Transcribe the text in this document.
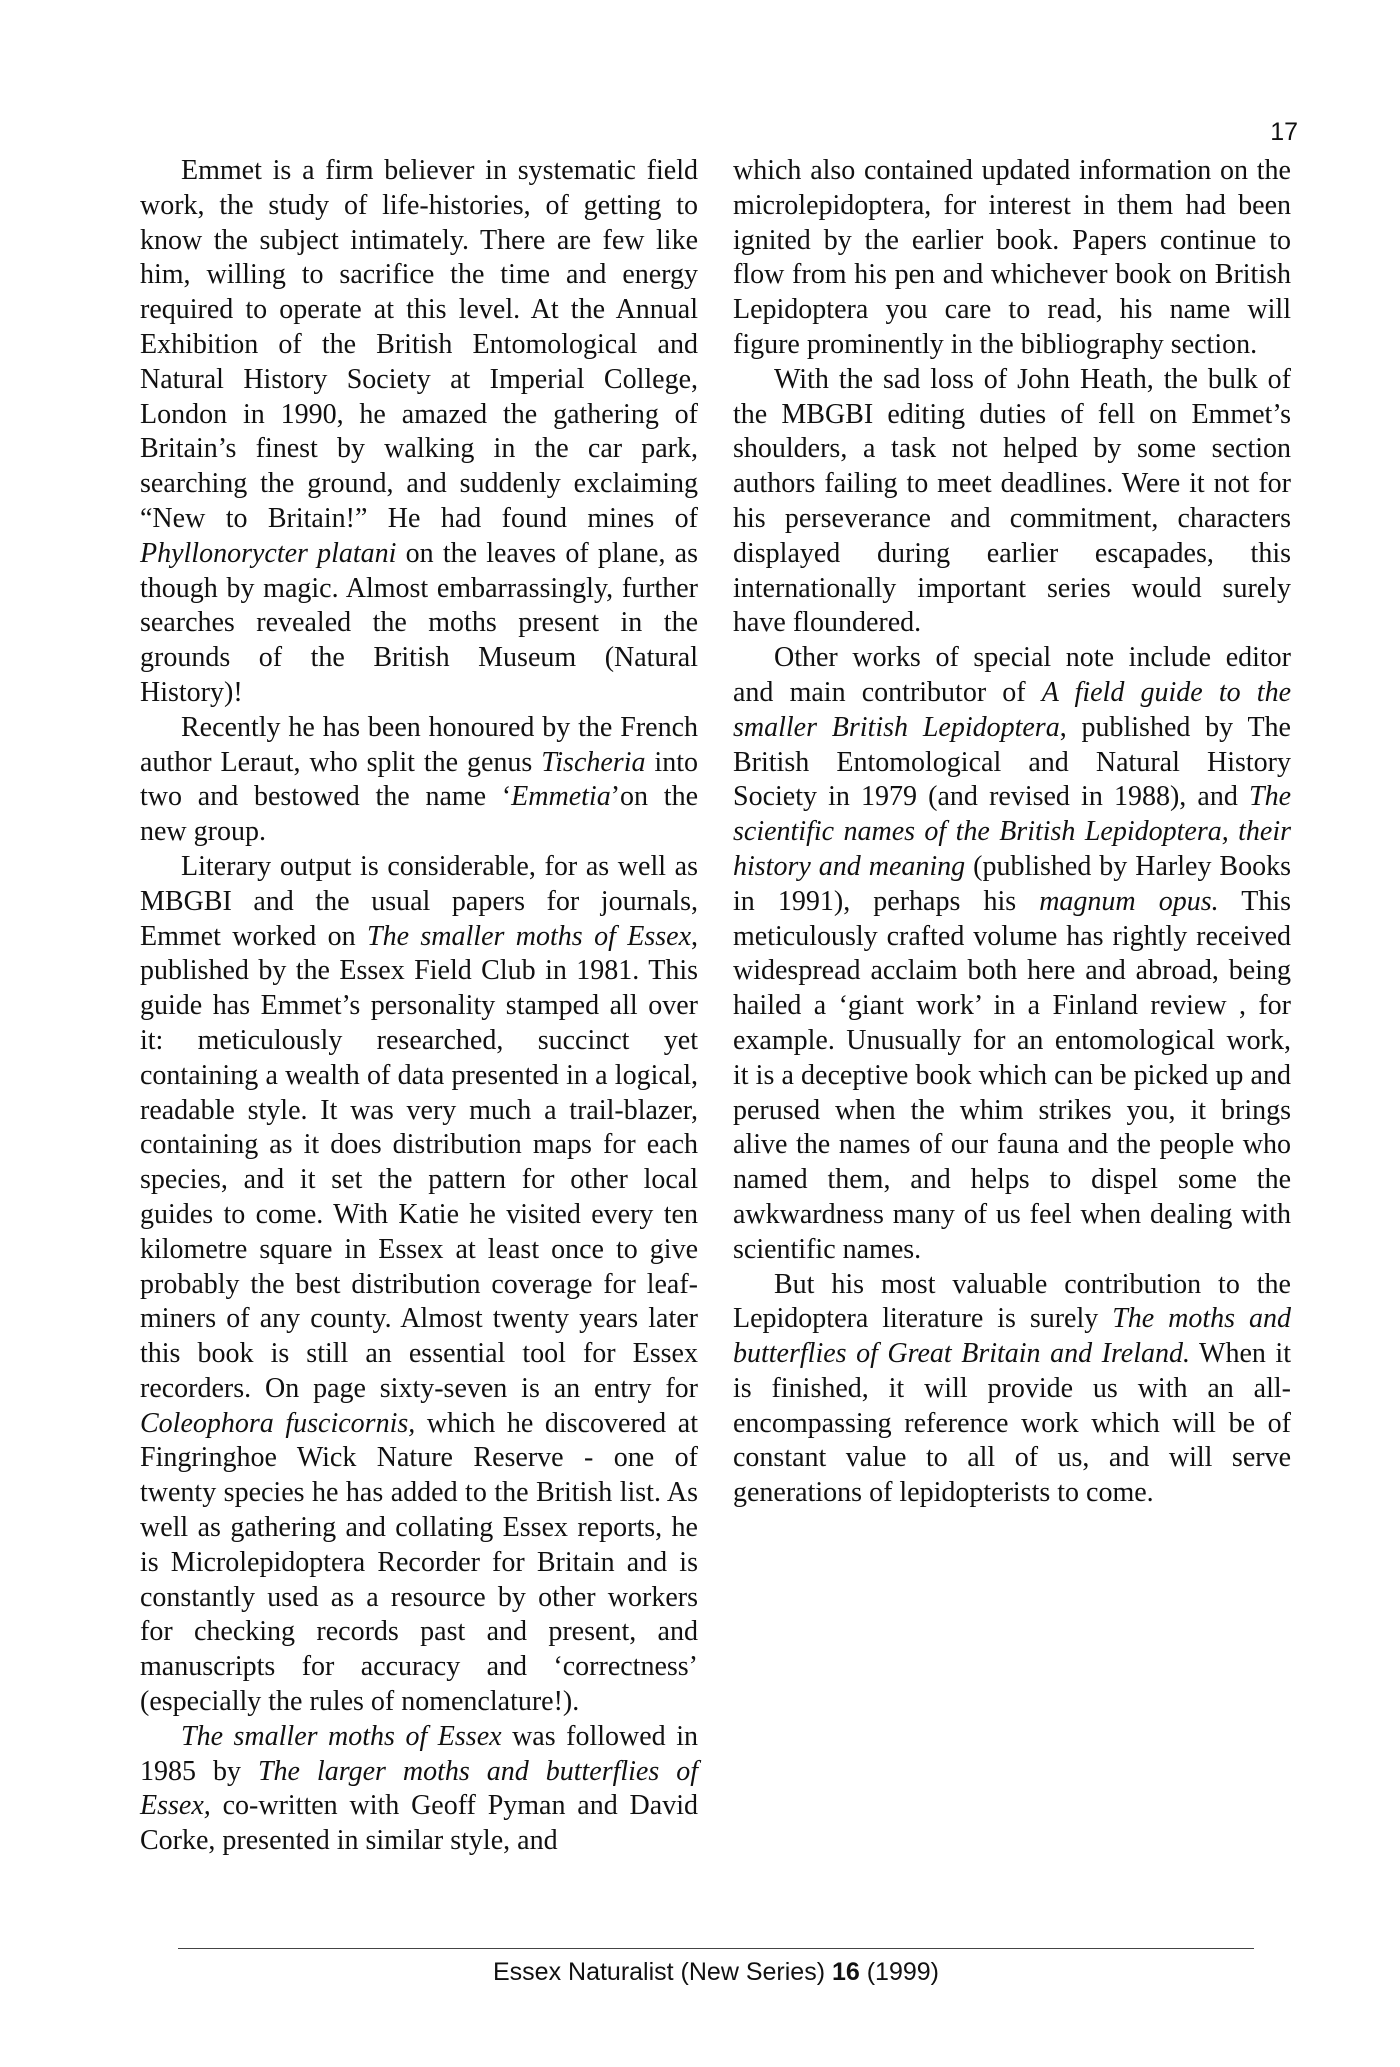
17

Emmet is a firm believer in systematic field work, the study of life-histories, of getting to know the subject intimately. There are few like him, willing to sacrifice the time and energy required to operate at this level. At the Annual Exhibition of the British Entomological and Natural History Society at Imperial College, London in 1990, he amazed the gathering of Britain’s finest by walking in the car park, searching the ground, and suddenly exclaiming “New to Britain!” He had found mines of Phyllonorycter platani on the leaves of plane, as though by magic. Almost embarrassingly, further searches revealed the moths present in the grounds of the British Museum (Natural History)!

Recently he has been honoured by the French author Leraut, who split the genus Tischeria into two and bestowed the name ‘Emmetia’on the new group.

Literary output is considerable, for as well as MBGBI and the usual papers for journals, Emmet worked on The smaller moths of Essex, published by the Essex Field Club in 1981. This guide has Emmet’s personality stamped all over it: meticulously researched, succinct yet containing a wealth of data presented in a logical, readable style. It was very much a trail-blazer, containing as it does distribution maps for each species, and it set the pattern for other local guides to come. With Katie he visited every ten kilometre square in Essex at least once to give probably the best distribution coverage for leaf-miners of any county. Almost twenty years later this book is still an essential tool for Essex recorders. On page sixty-seven is an entry for Coleophora fuscicornis, which he discovered at Fingringhoe Wick Nature Reserve - one of twenty species he has added to the British list. As well as gathering and collating Essex reports, he is Microlepidoptera Recorder for Britain and is constantly used as a resource by other workers for checking records past and present, and manuscripts for accuracy and ‘correctness’ (especially the rules of nomenclature!).

The smaller moths of Essex was followed in 1985 by The larger moths and butterflies of Essex, co-written with Geoff Pyman and David Corke, presented in similar style, and

which also contained updated information on the microlepidoptera, for interest in them had been ignited by the earlier book. Papers continue to flow from his pen and whichever book on British Lepidoptera you care to read, his name will figure prominently in the bibliography section.

With the sad loss of John Heath, the bulk of the MBGBI editing duties of fell on Emmet’s shoulders, a task not helped by some section authors failing to meet deadlines. Were it not for his perseverance and commitment, characters displayed during earlier escapades, this internationally important series would surely have floundered.

Other works of special note include editor and main contributor of A field guide to the smaller British Lepidoptera, published by The British Entomological and Natural History Society in 1979 (and revised in 1988), and The scientific names of the British Lepidoptera, their history and meaning (published by Harley Books in 1991), perhaps his magnum opus. This meticulously crafted volume has rightly received widespread acclaim both here and abroad, being hailed a ‘giant work’ in a Finland review , for example. Unusually for an entomological work, it is a deceptive book which can be picked up and perused when the whim strikes you, it brings alive the names of our fauna and the people who named them, and helps to dispel some the awkwardness many of us feel when dealing with scientific names.

But his most valuable contribution to the Lepidoptera literature is surely The moths and butterflies of Great Britain and Ireland. When it is finished, it will provide us with an all-encompassing reference work which will be of constant value to all of us, and will serve generations of lepidopterists to come.

Essex Naturalist (New Series) 16 (1999)
